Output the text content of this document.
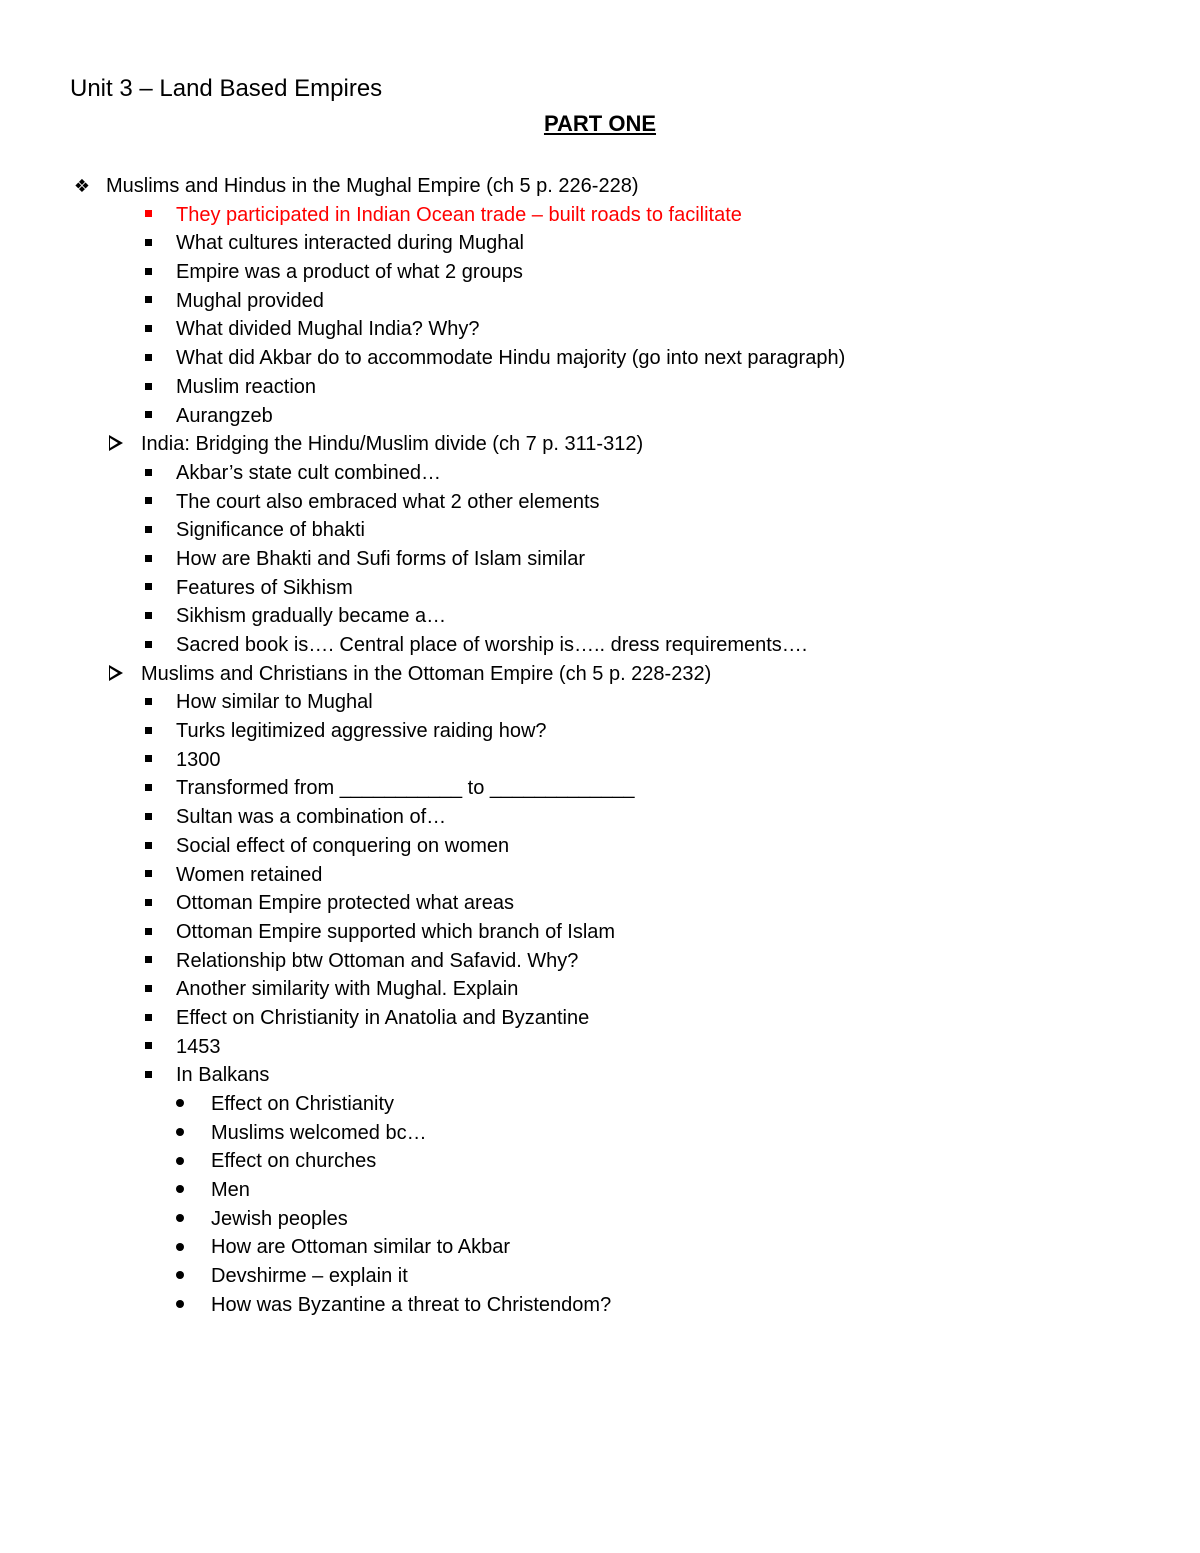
Unit 3 – Land Based Empires
PART ONE
❖ Muslims and Hindus in the Mughal Empire (ch 5 p. 226-228)
They participated in Indian Ocean trade – built roads to facilitate
What cultures interacted during Mughal
Empire was a product of what 2 groups
Mughal provided
What divided Mughal India? Why?
What did Akbar do to accommodate Hindu majority (go into next paragraph)
Muslim reaction
Aurangzeb
India: Bridging the Hindu/Muslim divide (ch 7 p. 311-312)
Akbar’s state cult combined…
The court also embraced what 2 other elements
Significance of bhakti
How are Bhakti and Sufi forms of Islam similar
Features of Sikhism
Sikhism gradually became a…
Sacred book is…. Central place of worship is….. dress requirements….
Muslims and Christians in the Ottoman Empire (ch 5 p. 228-232)
How similar to Mughal
Turks legitimized aggressive raiding how?
1300
Transformed from ___________ to _____________
Sultan was a combination of…
Social effect of conquering on women
Women retained
Ottoman Empire protected what areas
Ottoman Empire supported which branch of Islam
Relationship btw Ottoman and Safavid. Why?
Another similarity with Mughal. Explain
Effect on Christianity in Anatolia and Byzantine
1453
In Balkans
Effect on Christianity
Muslims welcomed bc…
Effect on churches
Men
Jewish peoples
How are Ottoman similar to Akbar
Devshirme – explain it
How was Byzantine a threat to Christendom?
